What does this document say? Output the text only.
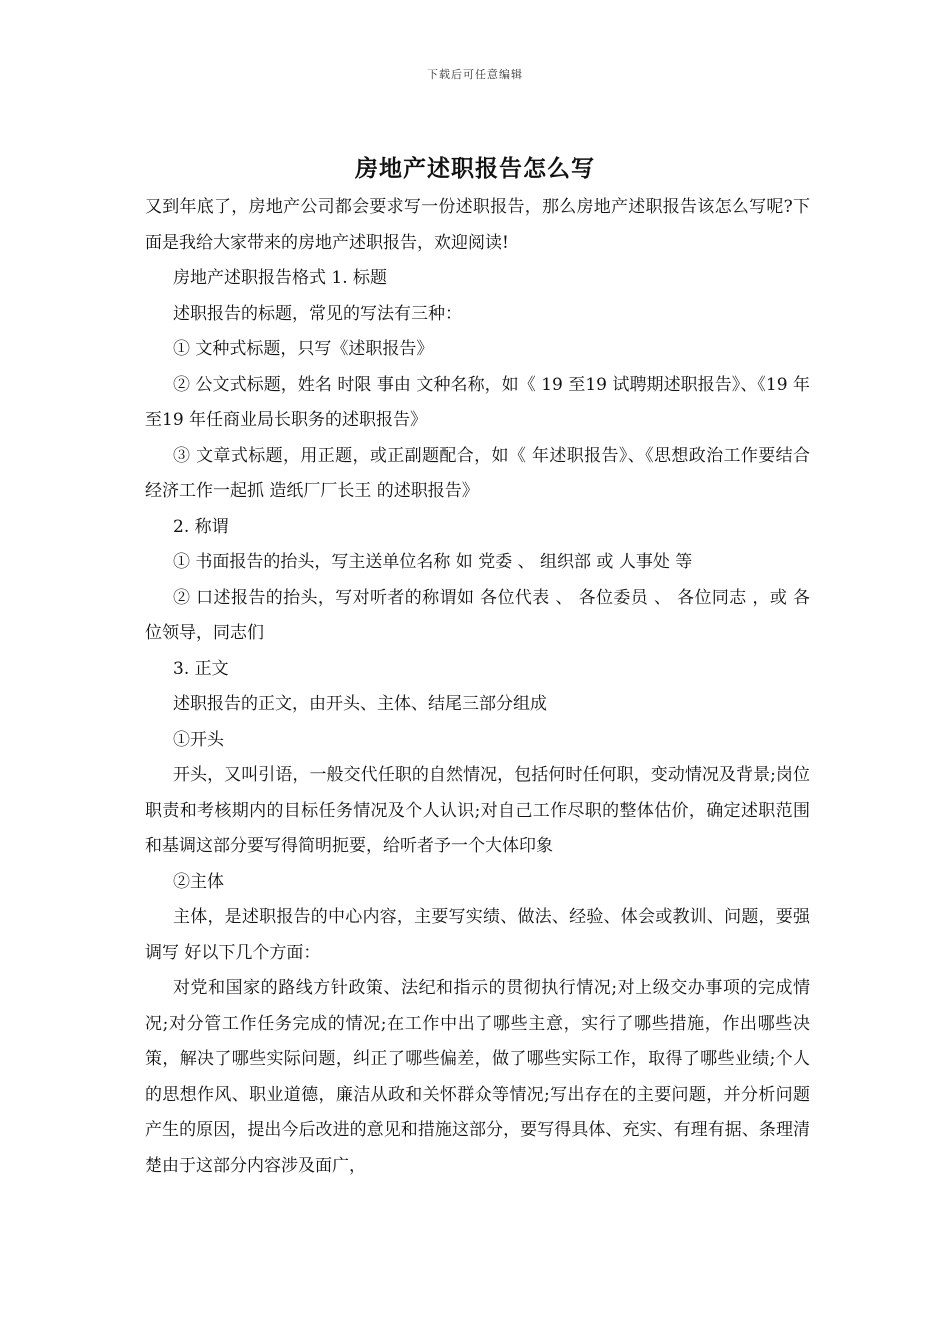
下载后可任意编辑
房地产述职报告怎么写

又到年底了，房地产公司都会要求写一份述职报告，那么房地产述职报告该怎么写呢?下面是我给大家带来的房地产述职报告，欢迎阅读!

房地产述职报告格式 1. 标题

述职报告的标题，常见的写法有三种：

① 文种式标题，只写《述职报告》

② 公文式标题，姓名 时限 事由 文种名称，如《 19 至19 试聘期述职报告》、《19 年至19 年任商业局长职务的述职报告》

③ 文章式标题，用正题，或正副题配合，如《 年述职报告》、《思想政治工作要结合经济工作一起抓 造纸厂厂长王 的述职报告》

2. 称谓

① 书面报告的抬头，写主送单位名称 如 党委 、 组织部 或 人事处 等

② 口述报告的抬头，写对听者的称谓如 各位代表 、 各位委员 、 各位同志 ，或 各位领导，同志们

3. 正文

述职报告的正文，由开头、主体、结尾三部分组成

①开头

开头，又叫引语，一般交代任职的自然情况，包括何时任何职，变动情况及背景;岗位职责和考核期内的目标任务情况及个人认识;对自己工作尽职的整体估价，确定述职范围和基调这部分要写得简明扼要，给听者予一个大体印象

②主体

主体，是述职报告的中心内容，主要写实绩、做法、经验、体会或教训、问题，要强调写 好以下几个方面：

对党和国家的路线方针政策、法纪和指示的贯彻执行情况;对上级交办事项的完成情况;对分管工作任务完成的情况;在工作中出了哪些主意，实行了哪些措施，作出哪些决策，解决了哪些实际问题，纠正了哪些偏差，做了哪些实际工作，取得了哪些业绩;个人的思想作风、职业道德，廉洁从政和关怀群众等情况;写出存在的主要问题，并分析问题产生的原因，提出今后改进的意见和措施这部分，要写得具体、充实、有理有据、条理清楚由于这部分内容涉及面广，
